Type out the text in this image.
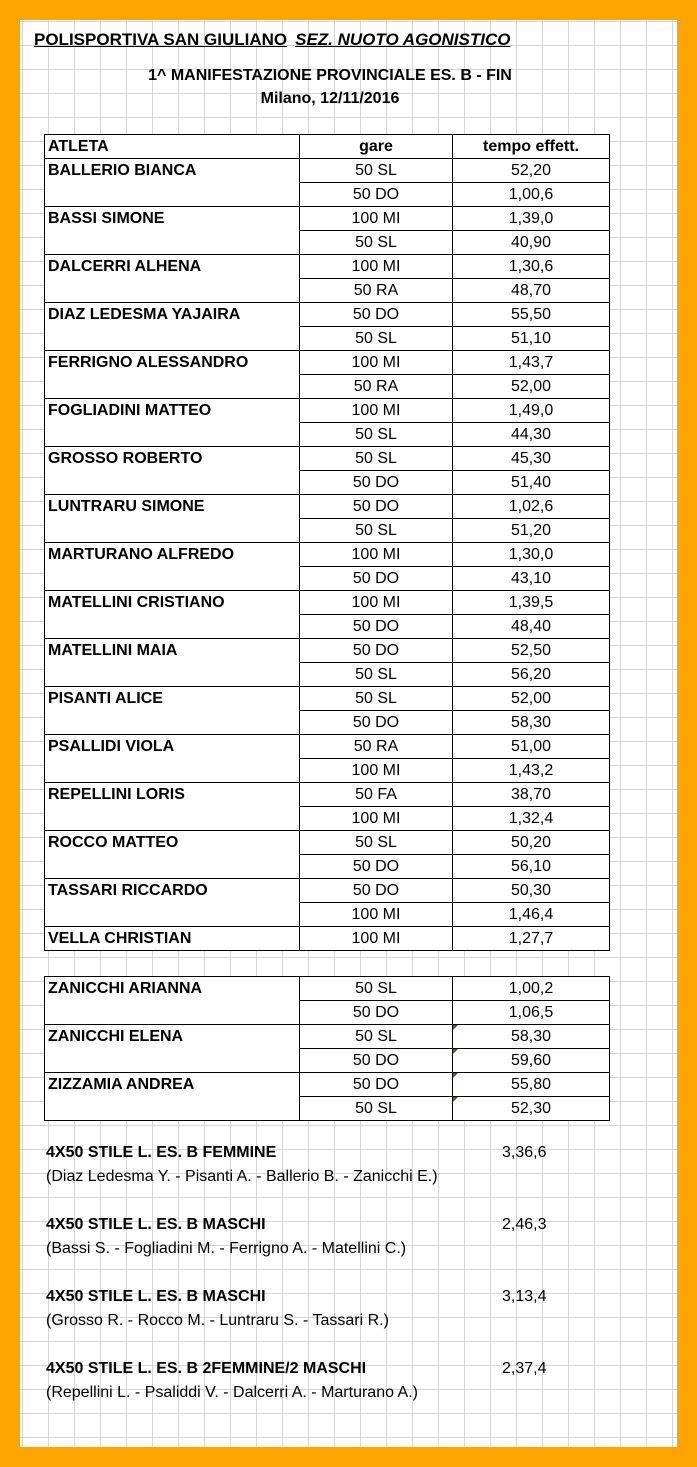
POLISPORTIVA SAN GIULIANO SEZ. NUOTO AGONISTICO
1^ MANIFESTAZIONE PROVINCIALE ES. B - FIN
Milano, 12/11/2016
ATLETA	gare	tempo effett.
BALLERIO BIANCA	50 SL	52,20
	50 DO	1,00,6
BASSI SIMONE	100 MI	1,39,0
	50 SL	40,90
DALCERRI ALHENA	100 MI	1,30,6
	50 RA	48,70
DIAZ LEDESMA YAJAIRA	50 DO	55,50
	50 SL	51,10
FERRIGNO ALESSANDRO	100 MI	1,43,7
	50 RA	52,00
FOGLIADINI MATTEO	100 MI	1,49,0
	50 SL	44,30
GROSSO ROBERTO	50 SL	45,30
	50 DO	51,40
LUNTRARU SIMONE	50 DO	1,02,6
	50 SL	51,20
MARTURANO ALFREDO	100 MI	1,30,0
	50 DO	43,10
MATELLINI CRISTIANO	100 MI	1,39,5
	50 DO	48,40
MATELLINI MAIA	50 DO	52,50
	50 SL	56,20
PISANTI ALICE	50 SL	52,00
	50 DO	58,30
PSALLIDI VIOLA	50 RA	51,00
	100 MI	1,43,2
REPELLINI LORIS	50 FA	38,70
	100 MI	1,32,4
ROCCO MATTEO	50 SL	50,20
	50 DO	56,10
TASSARI RICCARDO	50 DO	50,30
	100 MI	1,46,4
VELLA CHRISTIAN	100 MI	1,27,7
ZANICCHI ARIANNA	50 SL	1,00,2
	50 DO	1,06,5
ZANICCHI ELENA	50 SL	58,30

	50 DO	59,60

ZIZZAMIA ANDREA	50 DO	55,80

	50 SL	52,30
4X50 STILE L. ES. B FEMMINE	3,36,6
(Diaz Ledesma Y. - Pisanti A. - Ballerio B. - Zanicchi E.)
4X50 STILE L. ES. B MASCHI	2,46,3
(Bassi S. - Fogliadini M. - Ferrigno A. - Matellini C.)
4X50 STILE L. ES. B MASCHI	3,13,4
(Grosso R. - Rocco M. - Luntraru S. - Tassari R.)
4X50 STILE L. ES. B 2FEMMINE/2 MASCHI	2,37,4
(Repellini L. - Psaliddi V. - Dalcerri A. - Marturano A.)
